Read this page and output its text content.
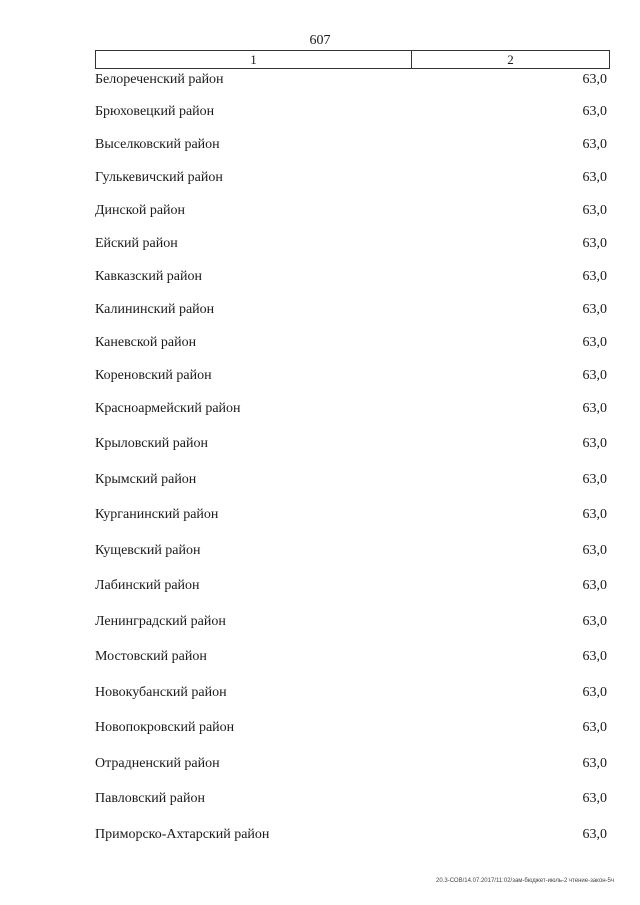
607
1	2
Белореченский район	63,0
Брюховецкий район	63,0
Выселковский район	63,0
Гулькевичский район	63,0
Динской район	63,0
Ейский район	63,0
Кавказский район	63,0
Калининский район	63,0
Каневской район	63,0
Кореновский район	63,0
Красноармейский район	63,0
Крыловский район	63,0
Крымский район	63,0
Курганинский район	63,0
Кущевский район	63,0
Лабинский район	63,0
Ленинградский район	63,0
Мостовский район	63,0
Новокубанский район	63,0
Новопокровский район	63,0
Отрадненский район	63,0
Павловский район	63,0
Приморско-Ахтарский район	63,0
20.3-СОВ/14.07.2017/11:02/зам-бюджет-июль-2 чтение-закон-5ч
